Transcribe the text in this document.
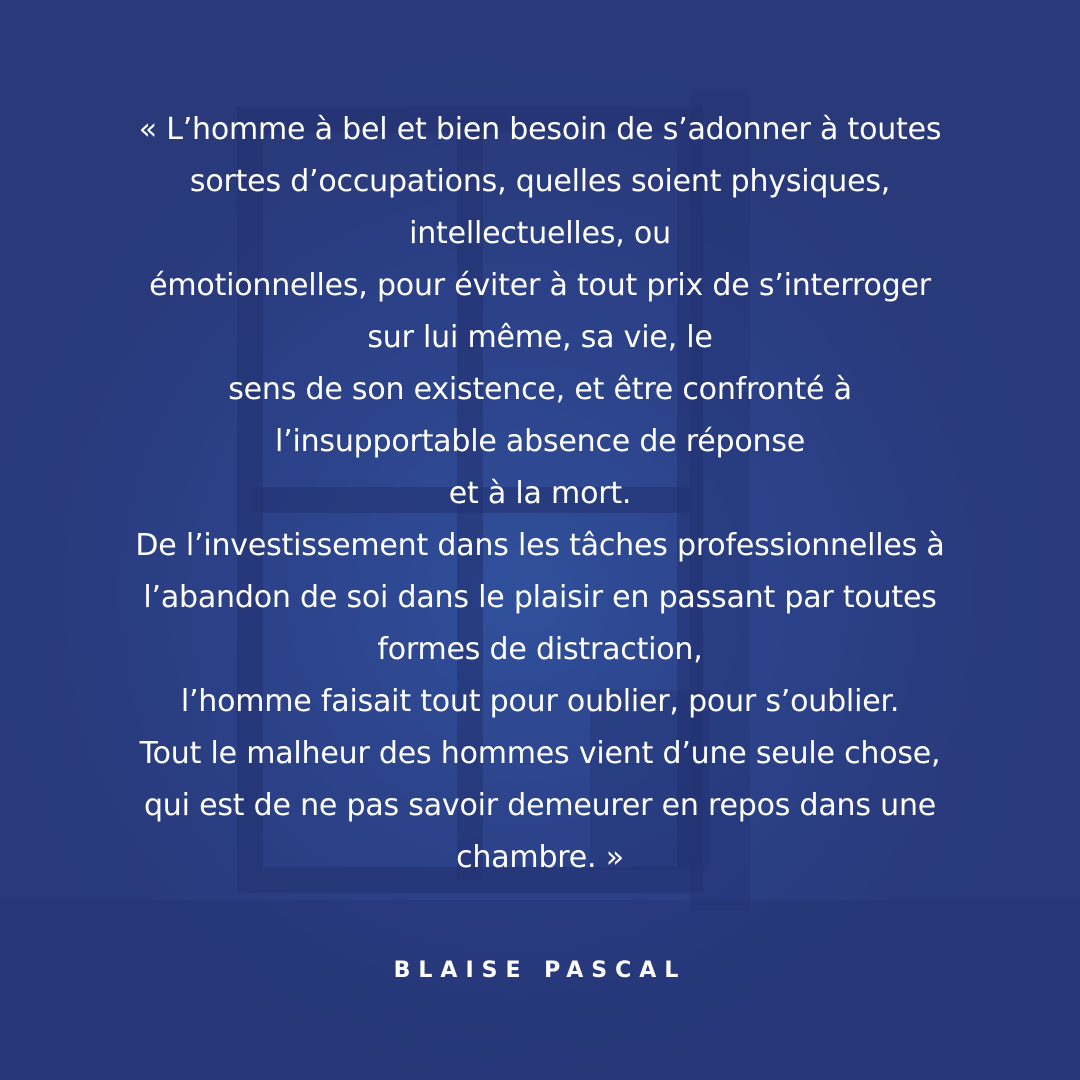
« L’homme à bel et bien besoin de s’adonner à toutes
sortes d’occupations, quelles soient physiques,
intellectuelles, ou
émotionnelles, pour éviter à tout prix de s’interroger
sur lui même, sa vie, le
sens de son existence, et être confronté à
l’insupportable absence de réponse
et à la mort.
De l’investissement dans les tâches professionnelles à
l’abandon de soi dans le plaisir en passant par toutes
formes de distraction,
l’homme faisait tout pour oublier, pour s’oublier.
Tout le malheur des hommes vient d’une seule chose,
qui est de ne pas savoir demeurer en repos dans une
chambre. »
BLAISE PASCAL
